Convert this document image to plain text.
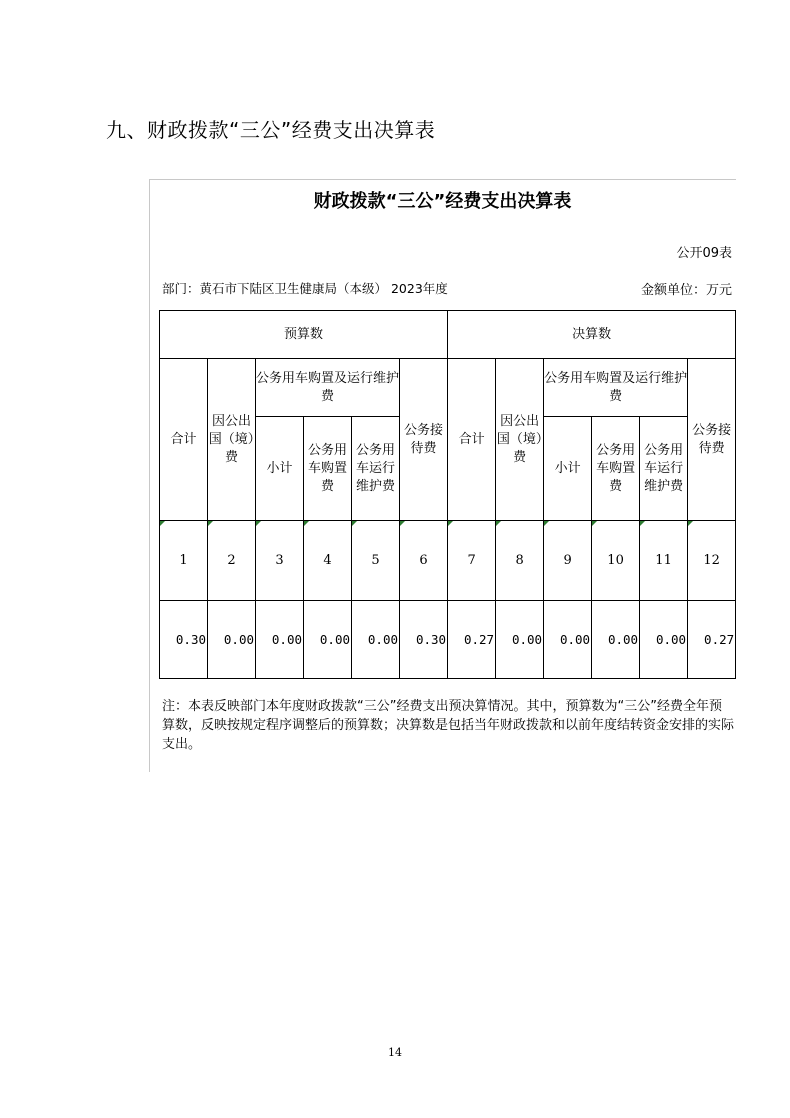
九、财政拨款“三公”经费支出决算表
财政拨款“三公”经费支出决算表
公开09表
部门：黄石市下陆区卫生健康局（本级） 2023年度	金额单位：万元
预算数						决算数					
合计	因公出国（境）费	公务用车购置及运行维护费			公务接待费	合计	因公出国（境）费	公务用车购置及运行维护费			公务接待费
		小计	公务用车购置费	公务用车运行维护费				小计	公务用车购置费	公务用车运行维护费	

1	2	3	4	5	6	7	8	9	10	11	12
0.30	0.00	0.00	0.00	0.00	0.30	0.27	0.00	0.00	0.00	0.00	0.27
注：本表反映部门本年度财政拨款“三公”经费支出预决算情况。其中，预算数为“三公”经费全年预算数，反映按规定程序调整后的预算数；决算数是包括当年财政拨款和以前年度结转资金安排的实际支出。
14
